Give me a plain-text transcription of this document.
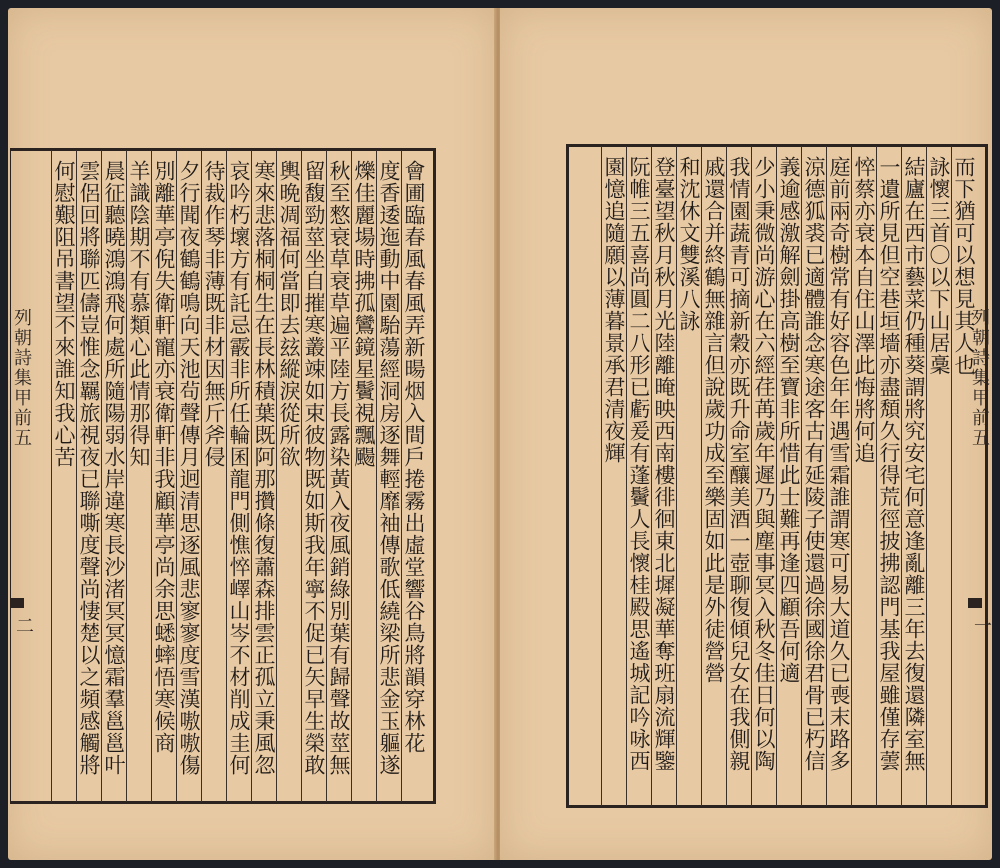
會圃臨春風春風弄新暘烟入間戶捲霧出虛堂響谷鳥將韻穿林花
度香逶迤動中園駘蕩經洞房逐舞輕靡袖傳歌低繞梁所悲金玉軀遂
爍佳麗場時拂孤鸞鏡星鬢視飄颺
秋至憗衰草衰草遍平陸方長露染黃入夜風銷綠別葉有歸聲故莖無
留馥勁莖坐自摧寒叢竦如束彼物既如斯我年寧不促已矢早生榮敢
輿晩凋福何當即去玆縱淚從所欲
寒來悲落桐桐生在長林積葉既阿那攢條復蕭森排雲正孤立秉風忽
哀吟朽壞方有託忌霰非所任輪囷龍門側憔悴嶧山岑不材削成圭何
待裁作琴非薄既非材因無斤斧侵
夕行聞夜鶴鶴鳴向天池茍聲傳月迥清思逐風悲寥寥度雪漢嗷嗷傷
別離華亭倪失衛軒寵亦衰衛軒非我顧華亭尚余思蟋蟀悟寒候商
羊識陰期不有慕類心此情那得知
晨征聽曉鴻鴻飛何處所隨陽弱水岸違寒長沙渚冥冥憶霜羣邕邕叶
雲侶回將聯匹儔豈惟念羈旅視夜已聯嘶度聲尚悽楚以之頻感觸將
何慰艱阻吊書望不來誰知我心苦
列朝詩集甲前五
二
而下猶可以想見其人也
詠懷三首〇以下山居稾
結廬在西市藝菜仍種葵謂將究安宅何意逢亂離三年去復還隣室無
一遺所見但空巷垣墻亦盡頽久行得荒徑披拂認門基我屋雖僅存蕓
悴蔡亦衰本自住山澤此悔將何追
庭前兩奇樹常有好容色年年遇雪霜誰謂寒可易大道久已喪末路多
涼德狐裘已適體誰念寒途客古有延陵子使還過徐國徐君骨已朽信
義逾感激解劍掛高樹至寶非所惜此士難再逢四顧吾何適
少小秉微尚游心在六經荏苒歲年遲乃與塵事冥入秋冬佳日何以陶
我情園蔬青可摘新穀亦既升命室釀美酒一壺聊復傾兒女在我側親
戚還合并終鶴無雜言但說歲功成至樂固如此是外徒營營
和沈休文雙溪八詠
登臺望秋月秋月光陸離晻映西南樓徘徊東北墀凝華奪班扇流輝鑒
阮帷三五喜尚圓二八形已虧爰有蓬鬢人長懷桂殿思遙城記吟咏西
園憶追隨願以薄暮景承君清夜輝	列朝詩集甲前五
一
